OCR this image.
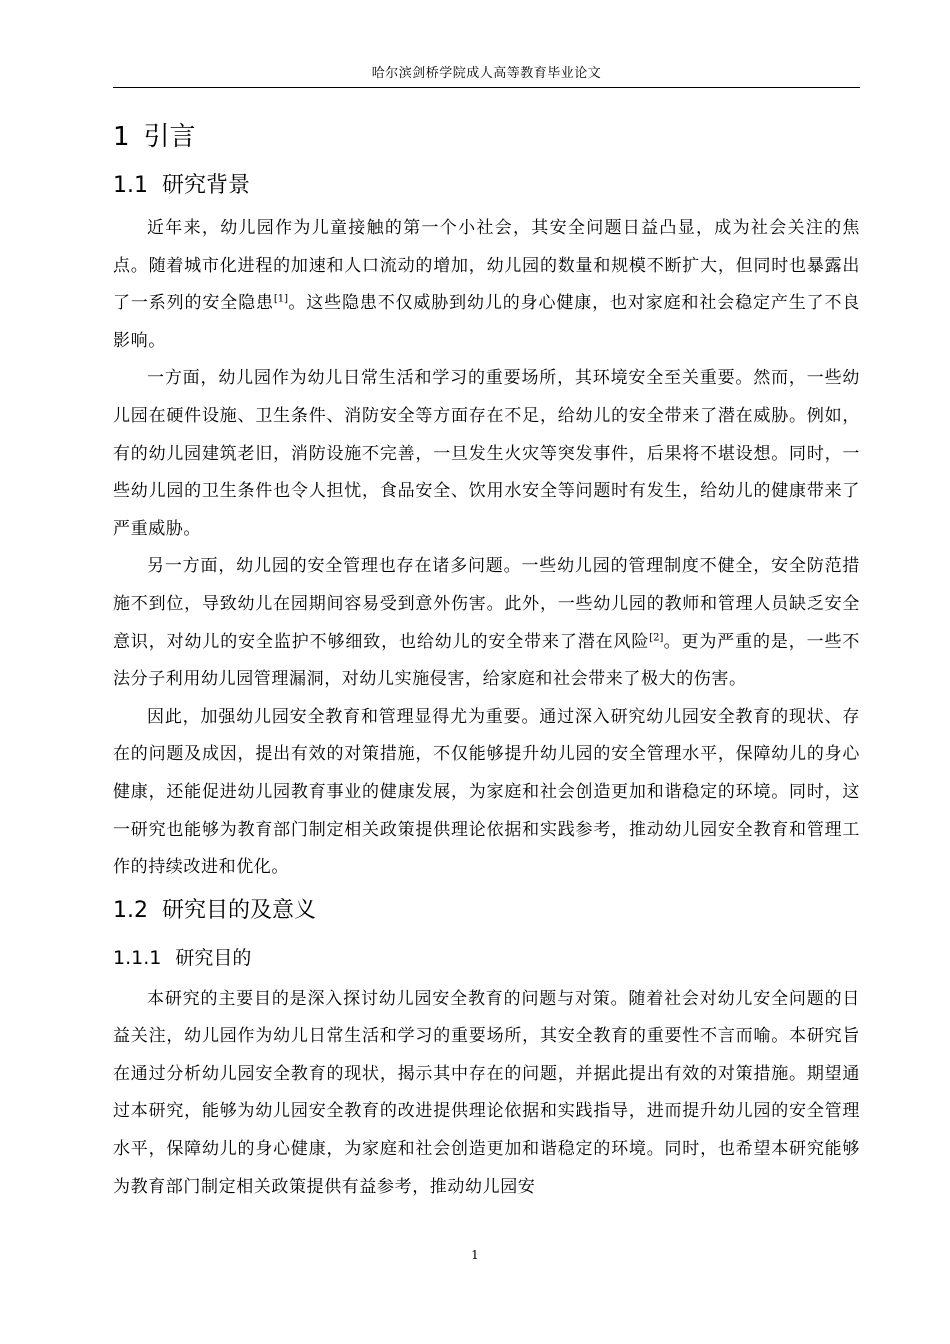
哈尔滨剑桥学院成人高等教育毕业论文
1 引言
1.1 研究背景

近年来，幼儿园作为儿童接触的第一个小社会，其安全问题日益凸显，成为社会关注的焦点。随着城市化进程的加速和人口流动的增加，幼儿园的数量和规模不断扩大，但同时也暴露出了一系列的安全隐患[1]。这些隐患不仅威胁到幼儿的身心健康，也对家庭和社会稳定产生了不良影响。

一方面，幼儿园作为幼儿日常生活和学习的重要场所，其环境安全至关重要。然而，一些幼儿园在硬件设施、卫生条件、消防安全等方面存在不足，给幼儿的安全带来了潜在威胁。例如，有的幼儿园建筑老旧，消防设施不完善，一旦发生火灾等突发事件，后果将不堪设想。同时，一些幼儿园的卫生条件也令人担忧，食品安全、饮用水安全等问题时有发生，给幼儿的健康带来了严重威胁。

另一方面，幼儿园的安全管理也存在诸多问题。一些幼儿园的管理制度不健全，安全防范措施不到位，导致幼儿在园期间容易受到意外伤害。此外，一些幼儿园的教师和管理人员缺乏安全意识，对幼儿的安全监护不够细致，也给幼儿的安全带来了潜在风险[2]。更为严重的是，一些不法分子利用幼儿园管理漏洞，对幼儿实施侵害，给家庭和社会带来了极大的伤害。

因此，加强幼儿园安全教育和管理显得尤为重要。通过深入研究幼儿园安全教育的现状、存在的问题及成因，提出有效的对策措施，不仅能够提升幼儿园的安全管理水平，保障幼儿的身心健康，还能促进幼儿园教育事业的健康发展，为家庭和社会创造更加和谐稳定的环境。同时，这一研究也能够为教育部门制定相关政策提供理论依据和实践参考，推动幼儿园安全教育和管理工作的持续改进和优化。

1.2 研究目的及意义
1.1.1 研究目的

本研究的主要目的是深入探讨幼儿园安全教育的问题与对策。随着社会对幼儿安全问题的日益关注，幼儿园作为幼儿日常生活和学习的重要场所，其安全教育的重要性不言而喻。本研究旨在通过分析幼儿园安全教育的现状，揭示其中存在的问题，并据此提出有效的对策措施。期望通过本研究，能够为幼儿园安全教育的改进提供理论依据和实践指导，进而提升幼儿园的安全管理水平，保障幼儿的身心健康，为家庭和社会创造更加和谐稳定的环境。同时，也希望本研究能够为教育部门制定相关政策提供有益参考，推动幼儿园安

1
